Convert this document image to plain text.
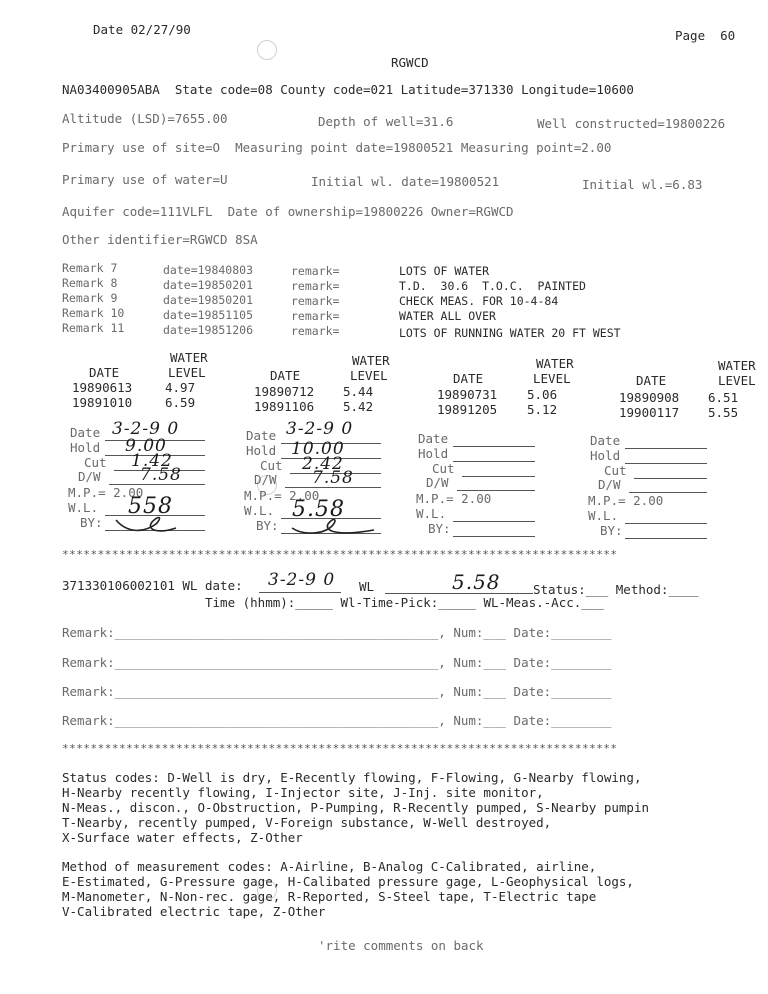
Date 02/27/90	Page  60
RGWCD
NA03400905ABA  State code=08 County code=021 Latitude=371330 Longitude=10600
Altitude (LSD)=7655.00	Depth of well=31.6	Well constructed=19800226
Primary use of site=O  Measuring point date=19800521 Measuring point=2.00
Primary use of water=U	Initial wl. date=19800521	Initial wl.=6.83
Aquifer code=111VLFL  Date of ownership=19800226 Owner=RGWCD
Other identifier=RGWCD 8SA
Remark 7	date=19840803	remark=	LOTS OF WATER
Remark 8	date=19850201	remark=	T.D.  30.6  T.O.C.  PAINTED
Remark 9	date=19850201	remark=	CHECK MEAS. FOR 10-4-84
Remark 10	date=19851105	remark=	WATER ALL OVER
Remark 11	date=19851206	remark=	LOTS OF RUNNING WATER 20 FT WEST
WATER
DATE	LEVEL
19890613	4.97
19891010	6.59
WATER
DATE	LEVEL
19890712 5.44
19891106 5.42
WATER
DATE	LEVEL
19890731 5.06
19891205 5.12
WATER
DATE	LEVEL
19890908 6.51
19900117 5.55
Date 3-2-9 0
Hold 9.00
Cut 1.42
D/W 7.58
M.P.= 2.00
W.L. 558
BY:
Date 3-2-9 0
Hold 10.00
Cut 2.42
D/W 7.58
M.P.= 2.00
W.L. 5.58
BY:
Date
Hold
Cut
D/W
M.P.= 2.00
W.L.
BY:
Date
Hold
Cut
D/W
M.P.= 2.00
W.L.
BY:
******************************************************************************
371330106002101 WL date: 3-2-9 0 WL	5.58	Status:___ Method:____
Time (hhmm):_____ Wl-Time-Pick:_____ WL-Meas.-Acc.___
Remark:___________________________________________, Num:___ Date:________
Remark:___________________________________________, Num:___ Date:________
Remark:___________________________________________, Num:___ Date:________
Remark:___________________________________________, Num:___ Date:________
******************************************************************************
Status codes: D-Well is dry, E-Recently flowing, F-Flowing, G-Nearby flowing,
H-Nearby recently flowing, I-Injector site, J-Inj. site monitor,
N-Meas., discon., O-Obstruction, P-Pumping, R-Recently pumped, S-Nearby pumpin
T-Nearby, recently pumped, V-Foreign substance, W-Well destroyed,
X-Surface water effects, Z-Other
Method of measurement codes: A-Airline, B-Analog C-Calibrated, airline,
E-Estimated, G-Pressure gage, H-Calibated pressure gage, L-Geophysical logs,
M-Manometer, N-Non-rec. gage, R-Reported, S-Steel tape, T-Electric tape
V-Calibrated electric tape, Z-Other
'rite comments on back
